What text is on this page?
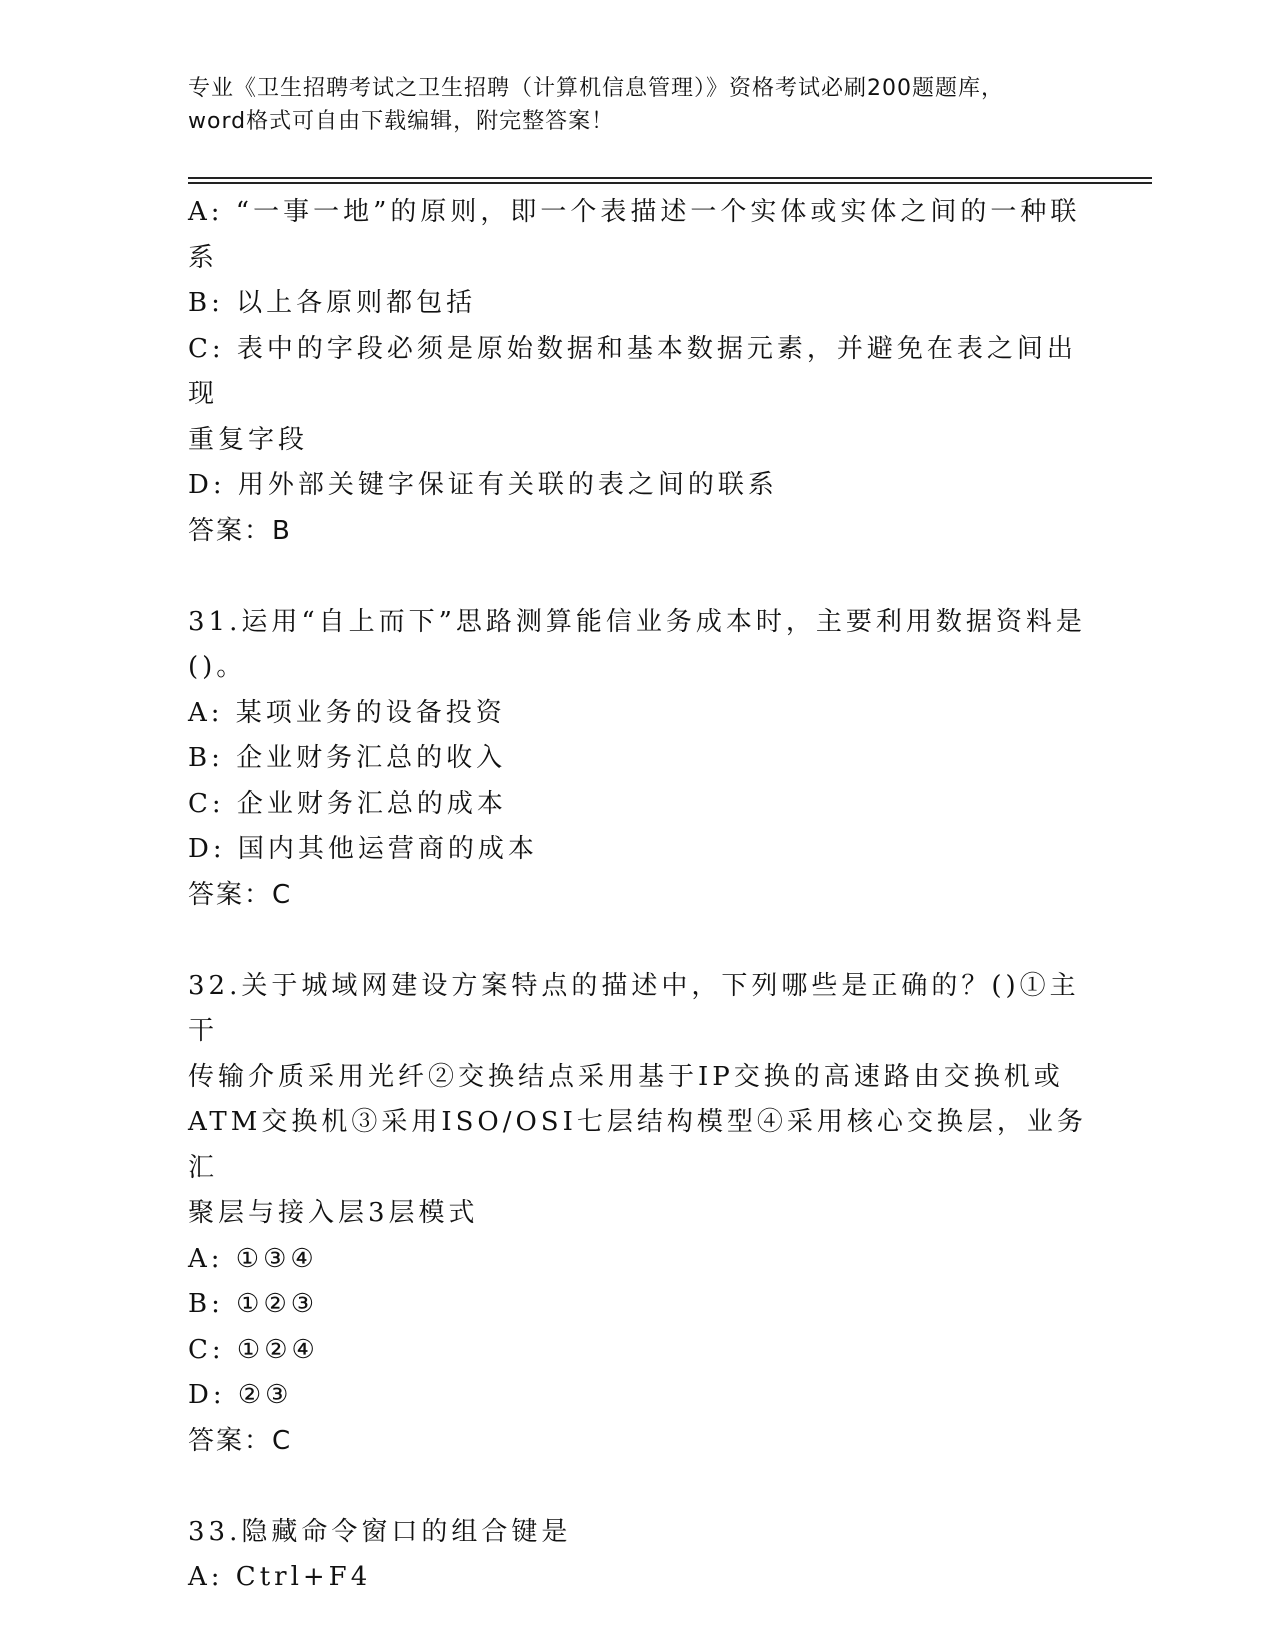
专业《卫生招聘考试之卫生招聘（计算机信息管理）》资格考试必刷200题题库，
word格式可自由下载编辑，附完整答案！

A: “一事一地”的原则，即一个表描述一个实体或实体之间的一种联

系

B: 以上各原则都包括

C: 表中的字段必须是原始数据和基本数据元素，并避免在表之间出现

重复字段

D: 用外部关键字保证有关联的表之间的联系

答案：B

31.运用“自上而下”思路测算能信业务成本时，主要利用数据资料是

()。

A: 某项业务的设备投资

B: 企业财务汇总的收入

C: 企业财务汇总的成本

D: 国内其他运营商的成本

答案：C

32.关于城域网建设方案特点的描述中，下列哪些是正确的？()①主干

传输介质采用光纤②交换结点采用基于IP交换的高速路由交换机或

ATM交换机③采用ISO/OSI七层结构模型④采用核心交换层，业务汇

聚层与接入层3层模式

A: ①③④

B: ①②③

C: ①②④

D: ②③

答案：C

33.隐藏命令窗口的组合键是

A: Ctrl+F4
